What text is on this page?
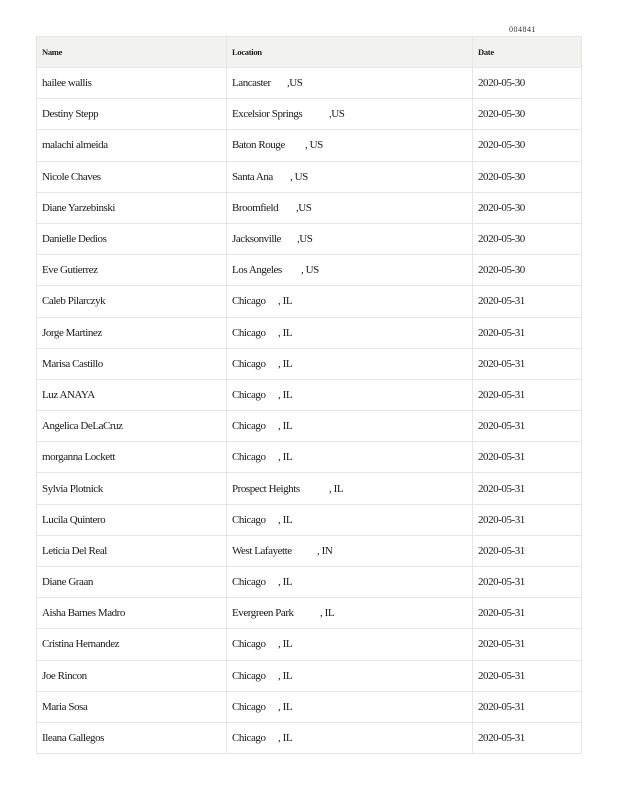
004841
Name	Location	Date
hailee wallis	Lancaster ,US	2020-05-30
Destiny Stepp	Excelsior Springs ,US	2020-05-30
malachi almeida	Baton Rouge , US	2020-05-30
Nicole Chaves	Santa Ana , US	2020-05-30
Diane Yarzebinski	Broomfield ,US	2020-05-30
Danielle Dedios	Jacksonville ,US	2020-05-30
Eve Gutierrez	Los Angeles , US	2020-05-30
Caleb Pilarczyk	Chicago , IL	2020-05-31
Jorge Martinez	Chicago , IL	2020-05-31
Marisa Castillo	Chicago , IL	2020-05-31
Luz ANAYA	Chicago , IL	2020-05-31
Angelica DeLaCruz	Chicago , IL	2020-05-31
morganna Lockett	Chicago , IL	2020-05-31
Sylvia Plotnick	Prospect Heights , IL	2020-05-31
Lucila Quintero	Chicago , IL	2020-05-31
Leticia Del Real	West Lafayette , IN	2020-05-31
Diane Graan	Chicago , IL	2020-05-31
Aisha Barnes Madro	Evergreen Park , IL	2020-05-31
Cristina Hernandez	Chicago , IL	2020-05-31
Joe Rincon	Chicago , IL	2020-05-31
Maria Sosa	Chicago , IL	2020-05-31
Ileana Gallegos	Chicago , IL	2020-05-31
